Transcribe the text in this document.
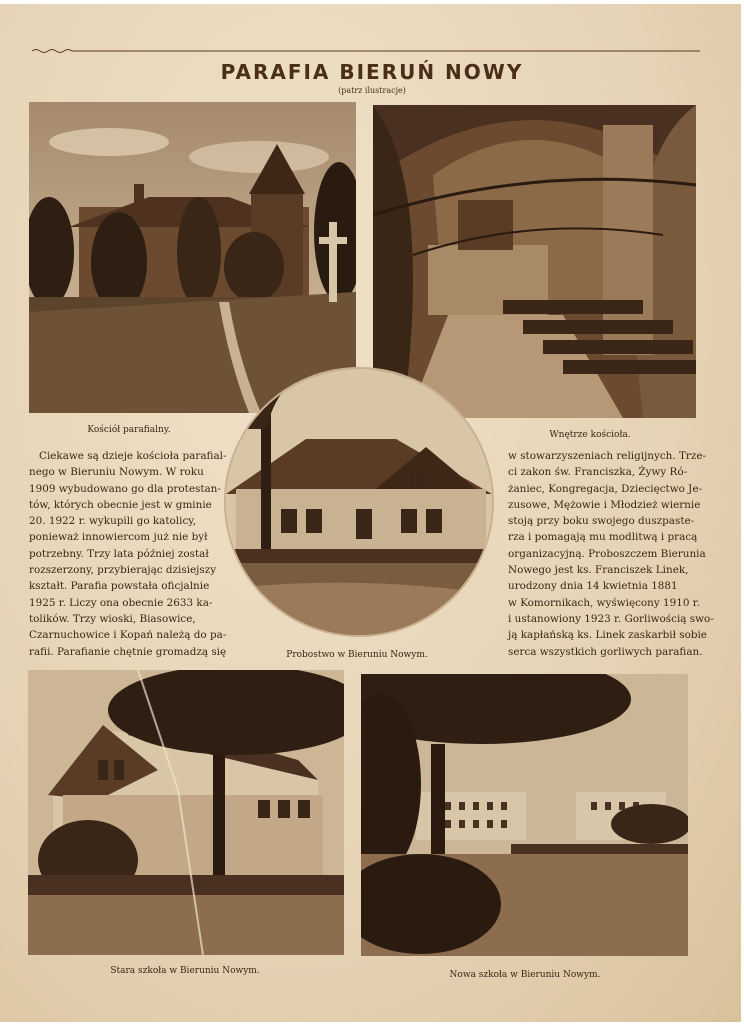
PARAFIA BIERUŃ NOWY
(patrz ilustracje)
Kościół parafialny.	Wnętrze kościoła.
Probostwo w Bieruniu Nowym.
Ciekawe są dzieje kościoła parafial-
nego w Bieruniu Nowym. W roku
1909 wybudowano go dla protestan-
tów, których obecnie jest w gminie
20. 1922 r. wykupili go katolicy,
ponieważ innowiercom już nie był
potrzebny. Trzy lata później został
rozszerzony, przybierając dzisiejszy
kształt. Parafia powstała oficjalnie
1925 r. Liczy ona obecnie 2633 ka-
tolików. Trzy wioski, Biasowice,
Czarnuchowice i Kopań należą do pa-
rafii. Parafianie chętnie gromadzą się
w stowarzyszeniach religijnych. Trze-
ci zakon św. Franciszka, Żywy Ró-
żaniec, Kongregacja, Dziecięctwo Je-
zusowe, Mężowie i Młodzież wiernie
stoją przy boku swojego duszpaste-
rza i pomagają mu modlitwą i pracą
organizacyjną. Proboszczem Bierunia
Nowego jest ks. Franciszek Linek,
urodzony dnia 14 kwietnia 1881
w Komornikach, wyświęcony 1910 r.
i ustanowiony 1923 r. Gorliwością swo-
ją kapłańską ks. Linek zaskarbił sobie
serca wszystkich gorliwych parafian.
Stara szkoła w Bieruniu Nowym.	Nowa szkoła w Bieruniu Nowym.
